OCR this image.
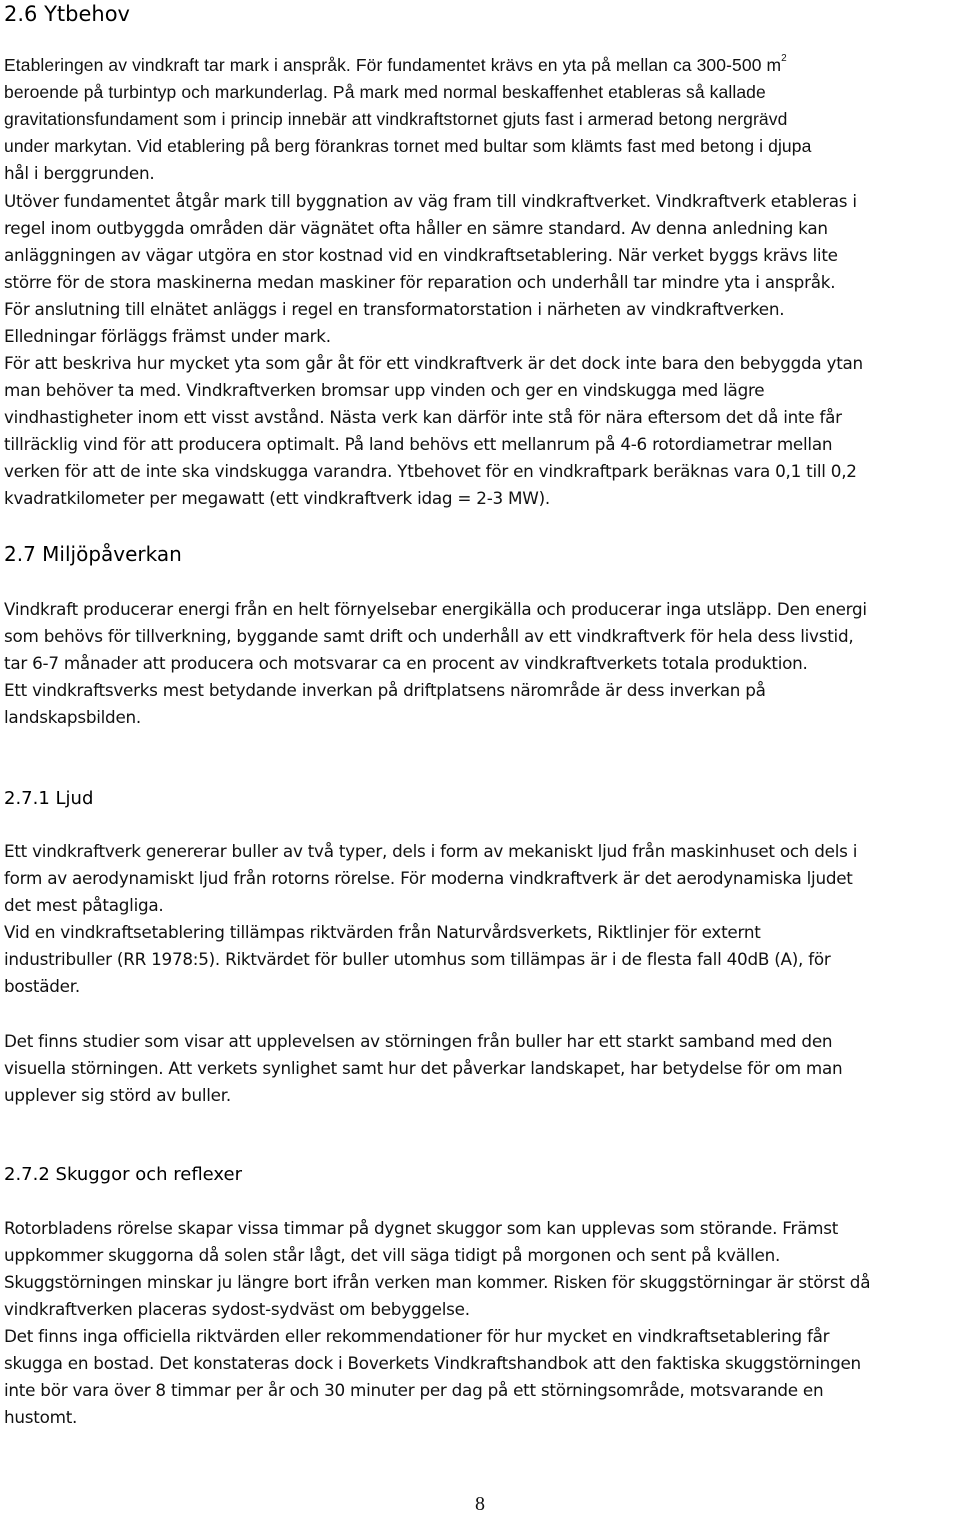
2.6 Ytbehov
Etableringen av vindkraft tar mark i anspråk. För fundamentet krävs en yta på mellan ca 300-500 $m^2$
beroende på turbintyp och markunderlag. På mark med normal beskaffenhet etableras så kallade
gravitationsfundament som i princip innebär att vindkraftstornet gjuts fast i armerad betong nergrävd
under markytan. Vid etablering på berg förankras tornet med bultar som klämts fast med betong i djupa
hål i berggrunden.
Utöver fundamentet åtgår mark till byggnation av väg fram till vindkraftverket. Vindkraftverk etableras i
regel inom outbyggda områden där vägnätet ofta håller en sämre standard. Av denna anledning kan
anläggningen av vägar utgöra en stor kostnad vid en vindkraftsetablering. När verket byggs krävs lite
större för de stora maskinerna medan maskiner för reparation och underhåll tar mindre yta i anspråk.
För anslutning till elnätet anläggs i regel en transformatorstation i närheten av vindkraftverken.
Elledningar förläggs främst under mark.
För att beskriva hur mycket yta som går åt för ett vindkraftverk är det dock inte bara den bebyggda ytan
man behöver ta med. Vindkraftverken bromsar upp vinden och ger en vindskugga med lägre
vindhastigheter inom ett visst avstånd. Nästa verk kan därför inte stå för nära eftersom det då inte får
tillräcklig vind för att producera optimalt. På land behövs ett mellanrum på 4-6 rotordiametrar mellan
verken för att de inte ska vindskugga varandra. Ytbehovet för en vindkraftpark beräknas vara 0,1 till 0,2
kvadratkilometer per megawatt (ett vindkraftverk idag = 2-3 MW).
2.7 Miljöpåverkan
Vindkraft producerar energi från en helt förnyelsebar energikälla och producerar inga utsläpp. Den energi
som behövs för tillverkning, byggande samt drift och underhåll av ett vindkraftverk för hela dess livstid,
tar 6-7 månader att producera och motsvarar ca en procent av vindkraftverkets totala produktion.
Ett vindkraftsverks mest betydande inverkan på driftplatsens närområde är dess inverkan på
landskapsbilden.
2.7.1 Ljud
Ett vindkraftverk genererar buller av två typer, dels i form av mekaniskt ljud från maskinhuset och dels i
form av aerodynamiskt ljud från rotorns rörelse. För moderna vindkraftverk är det aerodynamiska ljudet
det mest påtagliga.
Vid en vindkraftsetablering tillämpas riktvärden från Naturvårdsverkets, Riktlinjer för externt
industribuller (RR 1978:5). Riktvärdet för buller utomhus som tillämpas är i de flesta fall 40dB (A), för
bostäder.
Det finns studier som visar att upplevelsen av störningen från buller har ett starkt samband med den
visuella störningen. Att verkets synlighet samt hur det påverkar landskapet, har betydelse för om man
upplever sig störd av buller.
2.7.2 Skuggor och reflexer
Rotorbladens rörelse skapar vissa timmar på dygnet skuggor som kan upplevas som störande. Främst
uppkommer skuggorna då solen står lågt, det vill säga tidigt på morgonen och sent på kvällen.
Skuggstörningen minskar ju längre bort ifrån verken man kommer. Risken för skuggstörningar är störst då
vindkraftverken placeras sydost-sydväst om bebyggelse.
Det finns inga officiella riktvärden eller rekommendationer för hur mycket en vindkraftsetablering får
skugga en bostad. Det konstateras dock i Boverkets Vindkraftshandbok att den faktiska skuggstörningen
inte bör vara över 8 timmar per år och 30 minuter per dag på ett störningsområde, motsvarande en
hustomt.
8
